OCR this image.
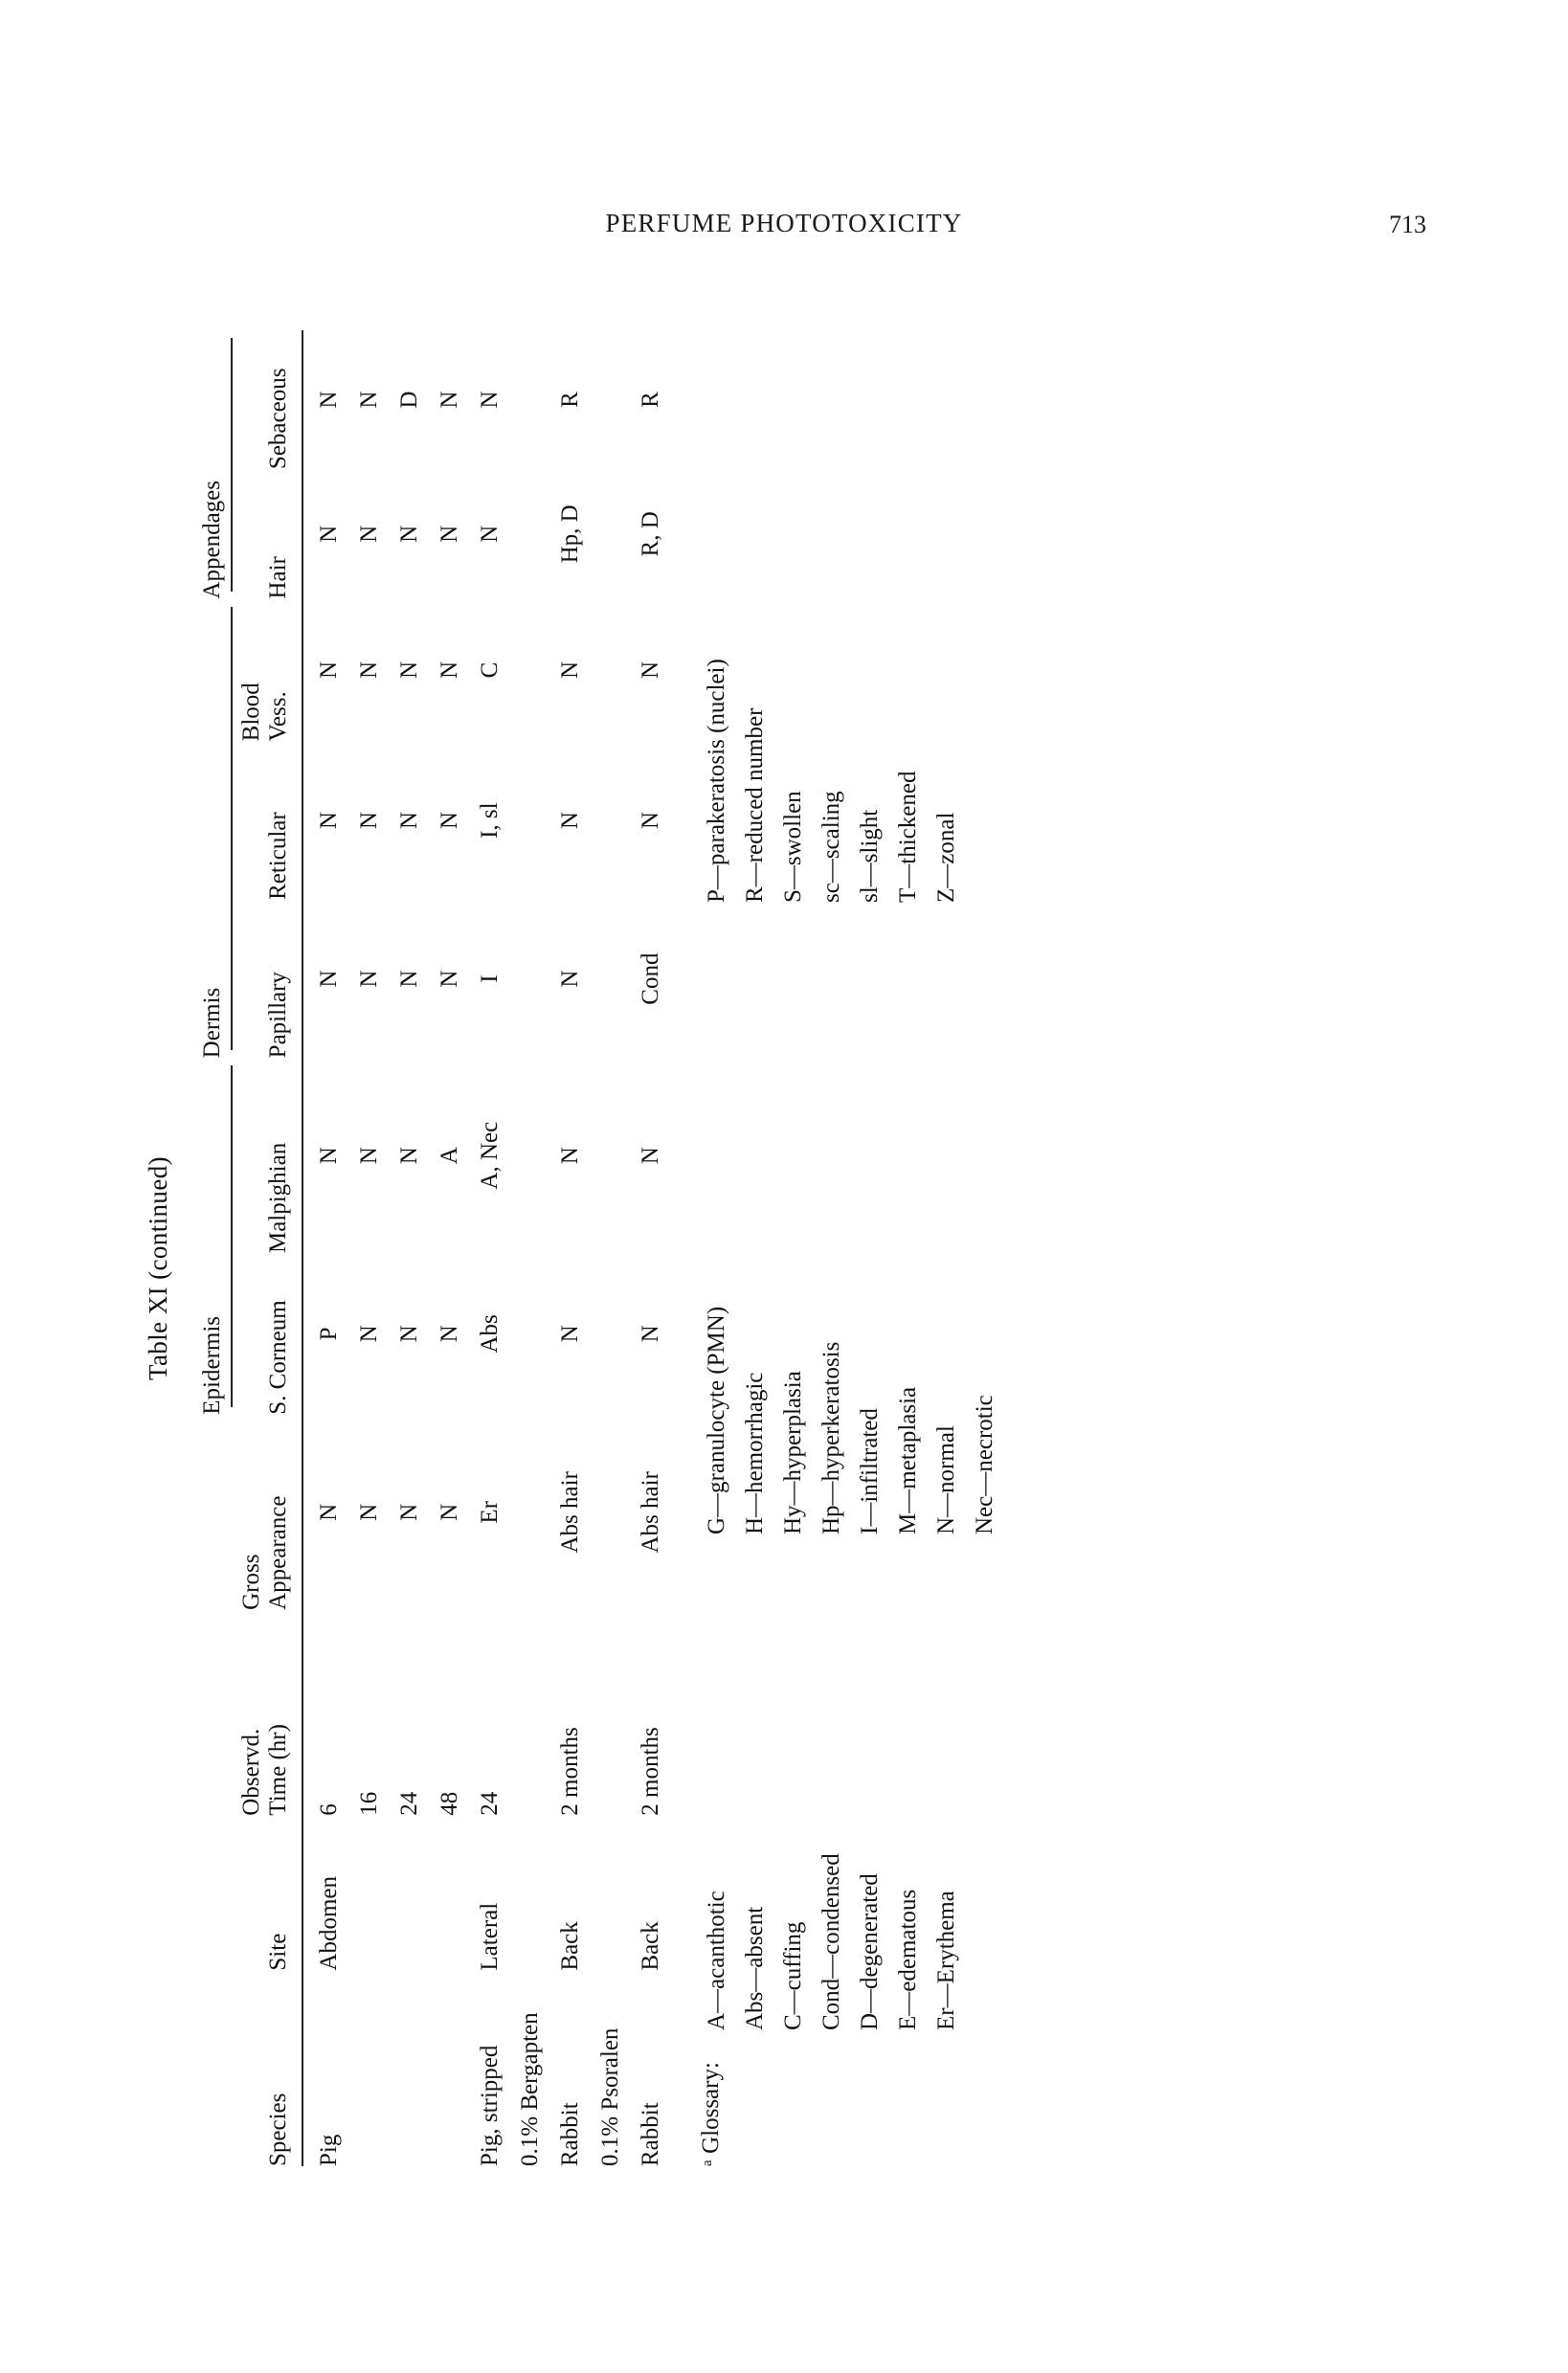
PERFUME PHOTOTOXICITY	713
Table XI (continued)
				Epidermis		Dermis			Appendages	

Species	Site	Observd. Time (hr)	Gross Appearance	S. Corneum	Malpighian	Papillary	Reticular	Blood Vess.	Hair	Sebaceous

Pig	Abdomen	6	N	P	N	N	N	N	N	N
		16	N	N	N	N	N	N	N	N
		24	N	N	N	N	N	N	N	D
		48	N	N	A	N	N	N	N	N
Pig, stripped	Lateral	24	Er	Abs	A, Nec	I	I, sl	C	N	N
0.1% Bergapten										
Rabbit	Back	2 months	Abs hair	N	N	N	N	N	Hp, D	R
0.1% Psoralen										
Rabbit	Back	2 months	Abs hair	N	N	Cond	N	N	R, D	R
ᵃ Glossary:
A—acanthotic Abs—absent C—cuffing Cond—condensed D—degenerated E—edematous Er—Erythema
G—granulocyte (PMN) H—hemorrhagic Hy—hyperplasia Hp—hyperkeratosis I—infiltrated M—metaplasia N—normal Nec—necrotic
P—parakeratosis (nuclei) R—reduced number S—swollen sc—scaling sl—slight T—thickened Z—zonal
